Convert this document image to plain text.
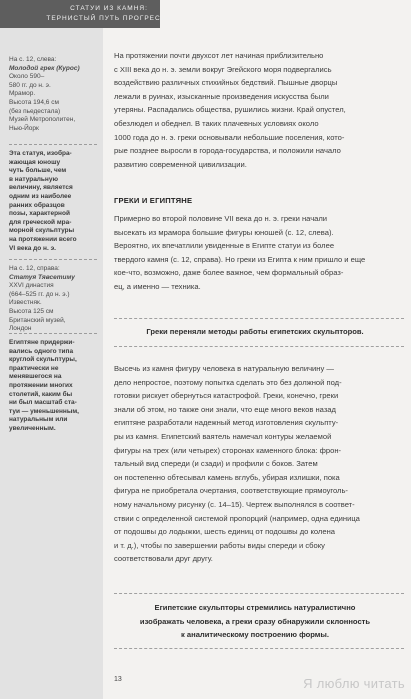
СТАТУИ ИЗ КАМНЯ:
ТЕРНИСТЫЙ ПУТЬ ПРОГРЕССА
На с. 12, слева:
Молодой грек (Курос)
Около 590–
580 гг. до н. э.
Мрамор.
Высота 194,6 см
(без пьедестала)
Музей Метрополитен,
Нью-Йорк
Эта статуя, изобра-
жающая юношу
чуть больше, чем
в натуральную
величину, является
одним из наиболее
ранних образцов
позы, характерной
для греческой мра-
морной скульптуры
на протяжении всего
VI века до н. э.
На с. 12, справа:
Статуя Тявсетиму
XXVI династия
(664–525 гг. до н. э.)
Известняк.
Высота 125 см
Британский музей,
Лондон
Египтяне придержи-
вались одного типа
круглой скульптуры,
практически не
менявшегося на
протяжении многих
столетий, каким бы
ни был масштаб ста-
туи — уменьшенным,
натуральным или
увеличенным.
На протяжении почти двухсот лет начиная приблизительно
с XIII века до н. э. земли вокруг Эгейского моря подвергались
воздействию различных стихийных бедствий. Пышные дворцы
лежали в руинах, изысканные произведения искусства были
утеряны. Распадались общества, рушились жизни. Край опустел,
обезлюдел и обеднел. В таких плачевных условиях около
1000 года до н. э. греки основывали небольшие поселения, кото-
рые позднее выросли в города-государства, и положили начало
развитию современной цивилизации.
ГРЕКИ И ЕГИПТЯНЕ
Примерно во второй половине VII века до н. э. греки начали
высекать из мрамора большие фигуры юношей (с. 12, слева).
Вероятно, их впечатлили увиденные в Египте статуи из более
твердого камня (с. 12, справа). Но греки из Египта к ним пришло и еще
кое-что, возможно, даже более важное, чем формальный образ-
ец, а именно — техника.
Греки переняли методы работы египетских скульпторов.
Высечь из камня фигуру человека в натуральную величину —
дело непростое, поэтому попытка сделать это без должной под-
готовки рискует обернуться катастрофой. Греки, конечно, греки
знали об этом, но также они знали, что еще много веков назад
египтяне разработали надежный метод изготовления скульпту-
ры из камня. Египетский ваятель намечал контуры желаемой
фигуры на трех (или четырех) сторонах каменного блока: фрон-
тальный вид спереди (и сзади) и профили с боков. Затем
он постепенно обтесывал камень вглубь, убирая излишки, пока
фигура не приобретала очертания, соответствующие прямоуголь-
ному начальному рисунку (с. 14–15). Чертеж выполнялся в соответ-
ствии с определенной системой пропорций (например, одна единица
от подошвы до лодыжки, шесть единиц от подошвы до колена
и т. д.), чтобы по завершении работы виды спереди и сбоку
соответствовали друг другу.
Египетские скульпторы стремились натуралистично
изображать человека, а греки сразу обнаружили склонность
к аналитическому построению формы.
13	Я люблю читать
